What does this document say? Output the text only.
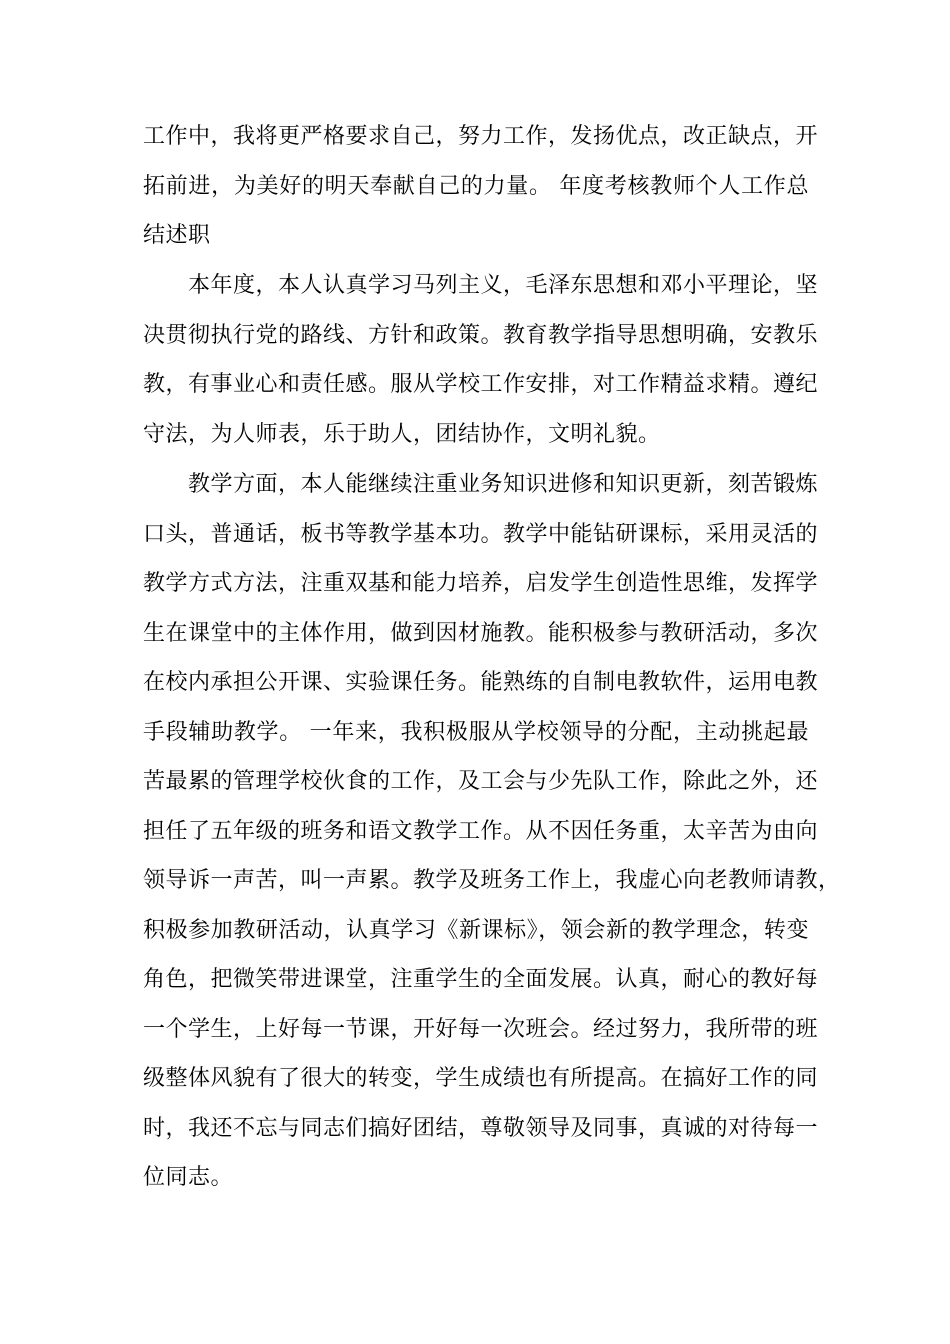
工作中，我将更严格要求自己，努力工作，发扬优点，改正缺点，开
拓前进，为美好的明天奉献自己的力量。 年度考核教师个人工作总
结述职
本年度，本人认真学习马列主义，毛泽东思想和邓小平理论，坚
决贯彻执行党的路线、方针和政策。教育教学指导思想明确，安教乐
教，有事业心和责任感。服从学校工作安排，对工作精益求精。遵纪
守法，为人师表，乐于助人，团结协作，文明礼貌。
教学方面，本人能继续注重业务知识进修和知识更新，刻苦锻炼
口头，普通话，板书等教学基本功。教学中能钻研课标，采用灵活的
教学方式方法，注重双基和能力培养，启发学生创造性思维，发挥学
生在课堂中的主体作用，做到因材施教。能积极参与教研活动，多次
在校内承担公开课、实验课任务。能熟练的自制电教软件，运用电教
手段辅助教学。 一年来，我积极服从学校领导的分配，主动挑起最
苦最累的管理学校伙食的工作，及工会与少先队工作，除此之外，还
担任了五年级的班务和语文教学工作。从不因任务重，太辛苦为由向
领导诉一声苦，叫一声累。教学及班务工作上，我虚心向老教师请教，
积极参加教研活动，认真学习《新课标》，领会新的教学理念，转变
角色，把微笑带进课堂，注重学生的全面发展。认真，耐心的教好每
一个学生，上好每一节课，开好每一次班会。经过努力，我所带的班
级整体风貌有了很大的转变，学生成绩也有所提高。在搞好工作的同
时，我还不忘与同志们搞好团结，尊敬领导及同事，真诚的对待每一
位同志。
